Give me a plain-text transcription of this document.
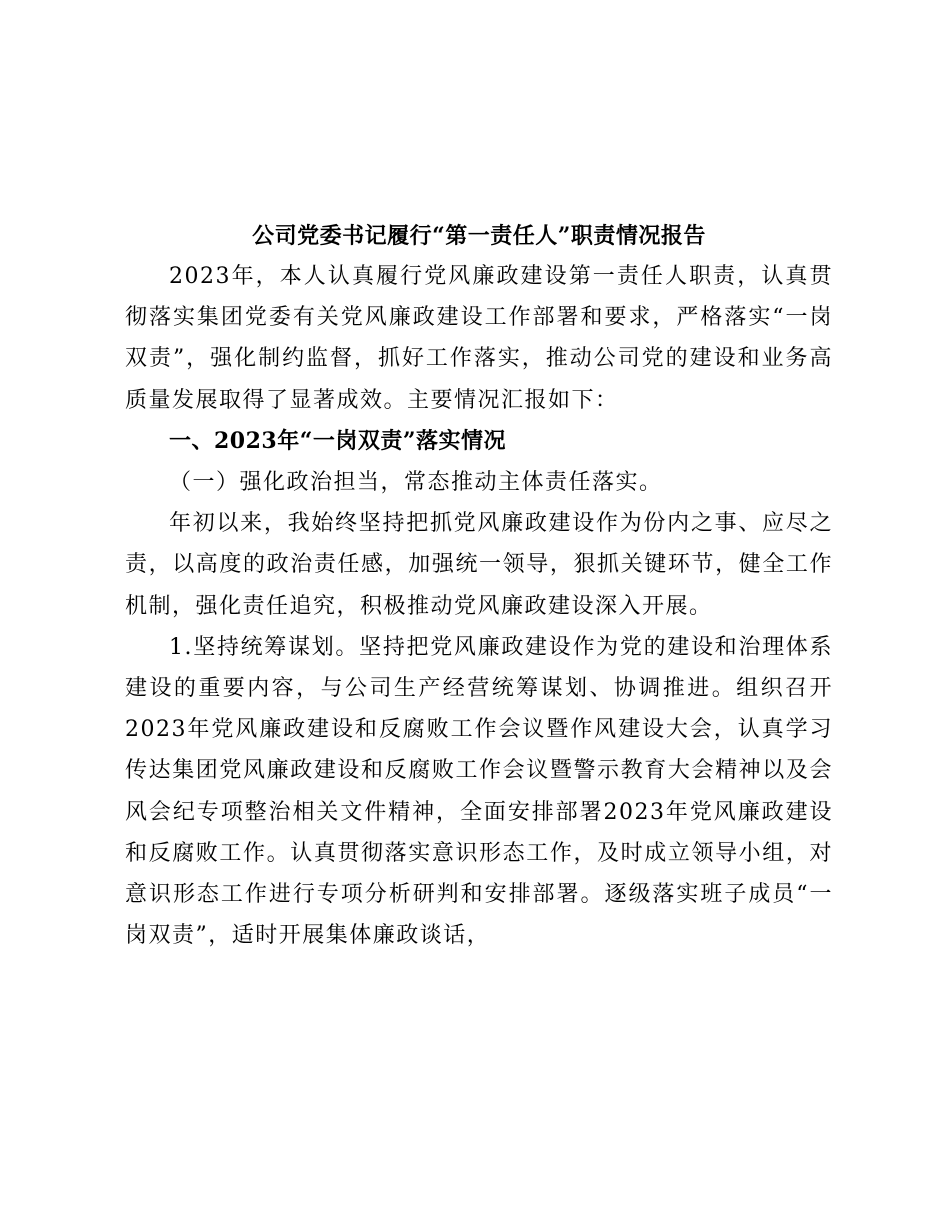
公司党委书记履行“第一责任人”职责情况报告

2023年，本人认真履行党风廉政建设第一责任人职责，认真贯彻落实集团党委有关党风廉政建设工作部署和要求，严格落实“一岗双责”，强化制约监督，抓好工作落实，推动公司党的建设和业务高质量发展取得了显著成效。主要情况汇报如下：

一、2023年“一岗双责”落实情况

（一）强化政治担当，常态推动主体责任落实。

年初以来，我始终坚持把抓党风廉政建设作为份内之事、应尽之责，以高度的政治责任感，加强统一领导，狠抓关键环节，健全工作机制，强化责任追究，积极推动党风廉政建设深入开展。

1.坚持统筹谋划。坚持把党风廉政建设作为党的建设和治理体系建设的重要内容，与公司生产经营统筹谋划、协调推进。组织召开2023年党风廉政建设和反腐败工作会议暨作风建设大会，认真学习传达集团党风廉政建设和反腐败工作会议暨警示教育大会精神以及会风会纪专项整治相关文件精神，全面安排部署2023年党风廉政建设和反腐败工作。认真贯彻落实意识形态工作，及时成立领导小组，对意识形态工作进行专项分析研判和安排部署。逐级落实班子成员“一岗双责”，适时开展集体廉政谈话，
